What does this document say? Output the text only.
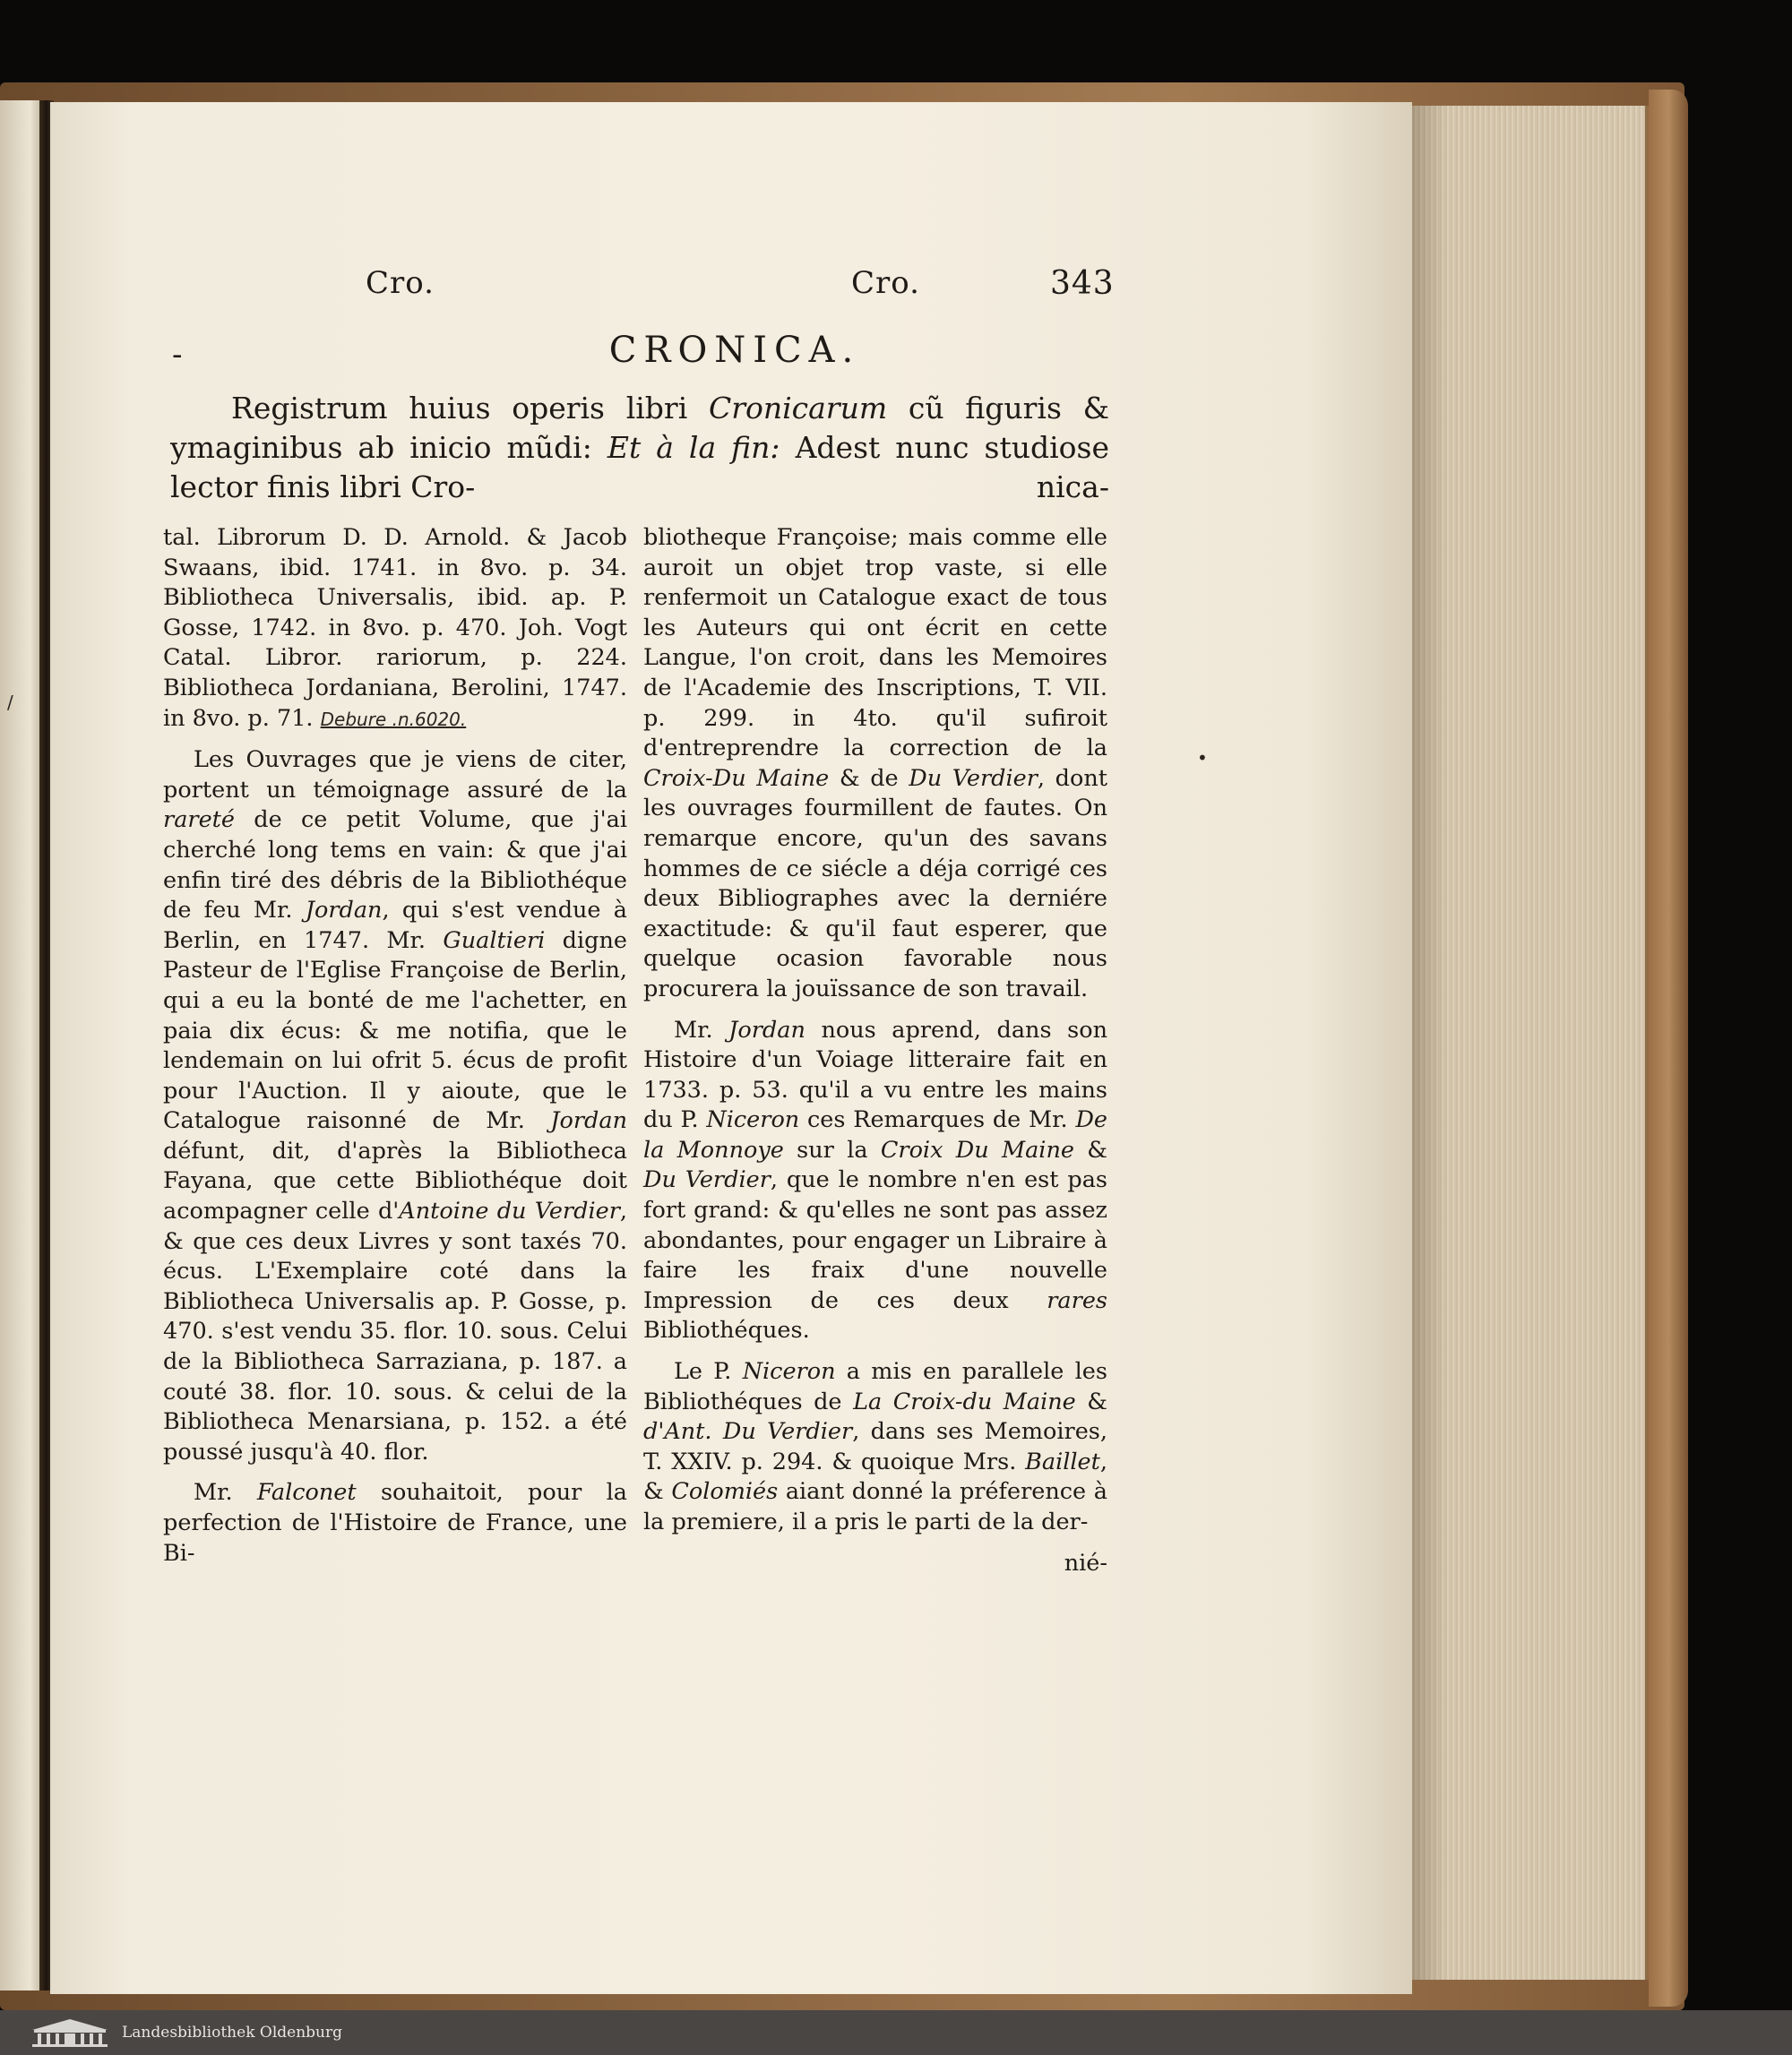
Cro.	Cro.	343
-	CRONICA.
Registrum huius operis libri Cronicarum cũ figuris & ymaginibus ab inicio mũdi: Et à la fin: Adest nunc studiose lector finis libri Cro-	nica-

tal. Librorum D. D. Arnold. & Jacob Swaans, ibid. 1741. in 8vo. p. 34. Bibliotheca Universalis, ibid. ap. P. Gosse, 1742. in 8vo. p. 470. Joh. Vogt Catal. Libror. rariorum, p. 224. Bibliotheca Jordaniana, Berolini, 1747. in 8vo. p. 71. Debure .n.6020.

Les Ouvrages que je viens de citer, portent un témoignage assuré de la rareté de ce petit Volume, que j'ai cherché long tems en vain: & que j'ai enfin tiré des débris de la Bibliothéque de feu Mr. Jordan, qui s'est vendue à Berlin, en 1747. Mr. Gualtieri digne Pasteur de l'Eglise Françoise de Berlin, qui a eu la bonté de me l'achetter, en paia dix écus: & me notifia, que le lendemain on lui ofrit 5. écus de profit pour l'Auction. Il y aioute, que le Catalogue raisonné de Mr. Jordan défunt, dit, d'après la Bibliotheca Fayana, que cette Bibliothéque doit acompagner celle d'Antoine du Verdier, & que ces deux Livres y sont taxés 70. écus. L'Exemplaire coté dans la Bibliotheca Universalis ap. P. Gosse, p. 470. s'est vendu 35. flor. 10. sous. Celui de la Bibliotheca Sarraziana, p. 187. a couté 38. flor. 10. sous. & celui de la Bibliotheca Menarsiana, p. 152. a été poussé jusqu'à 40. flor.

Mr. Falconet souhaitoit, pour la perfection de l'Histoire de France, une Bi-

bliotheque Françoise; mais comme elle auroit un objet trop vaste, si elle renfermoit un Catalogue exact de tous les Auteurs qui ont écrit en cette Langue, l'on croit, dans les Memoires de l'Academie des Inscriptions, T. VII. p. 299. in 4to. qu'il sufiroit d'entreprendre la correction de la Croix-Du Maine & de Du Verdier, dont les ouvrages fourmillent de fautes. On remarque encore, qu'un des savans hommes de ce siécle a déja corrigé ces deux Bibliographes avec la derniére exactitude: & qu'il faut esperer, que quelque ocasion favorable nous procurera la jouïssance de son travail.

Mr. Jordan nous aprend, dans son Histoire d'un Voiage litteraire fait en 1733. p. 53. qu'il a vu entre les mains du P. Niceron ces Remarques de Mr. De la Monnoye sur la Croix Du Maine & Du Verdier, que le nombre n'en est pas fort grand: & qu'elles ne sont pas assez abondantes, pour engager un Libraire à faire les fraix d'une nouvelle Impression de ces deux rares Bibliothéques.

Le P. Niceron a mis en parallele les Bibliothéques de La Croix-du Maine & d'Ant. Du Verdier, dans ses Memoires, T. XXIV. p. 294. & quoique Mrs. Baillet, & Colomiés aiant donné la préference à la premiere, il a pris le parti de la der-

nié-
•
/
Landesbibliothek Oldenburg
